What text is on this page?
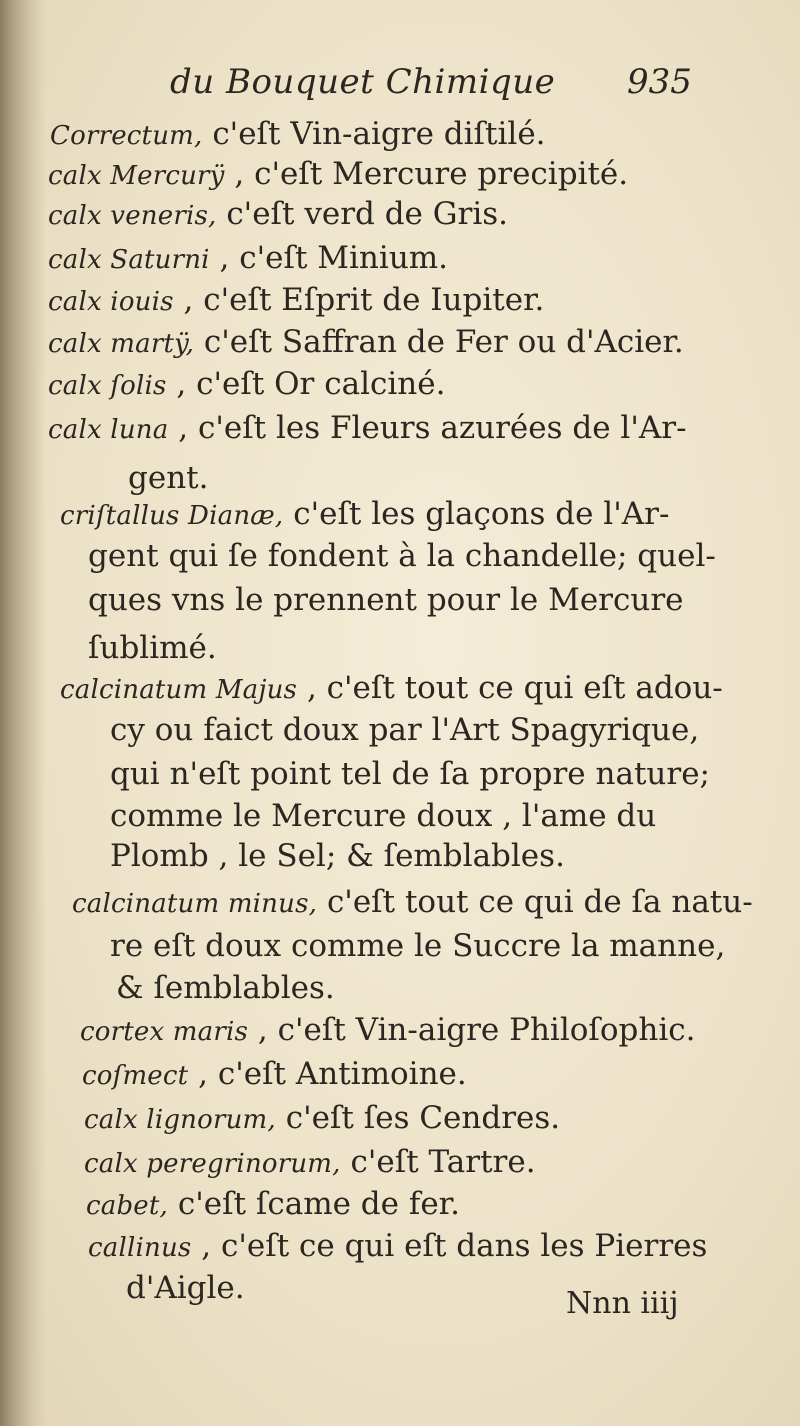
du Bouquet Chimique 935
Correctum, c'eſt Vin-aigre diſtilé.
calx Mercurÿ , c'eſt Mercure precipité.
calx veneris, c'eſt verd de Gris.
calx Saturni , c'eſt Minium.
calx iouis , c'eſt Eſprit de Iupiter.
calx martÿ, c'eſt Saffran de Fer ou d'Acier.
calx ſolis , c'eſt Or calciné.
calx luna , c'eſt les Fleurs azurées de l'Ar-
gent.
criſtallus Dianæ, c'eſt les glaçons de l'Ar-
gent qui ſe fondent à la chandelle; quel-
ques vns le prennent pour le Mercure
ſublimé.
calcinatum Majus , c'eſt tout ce qui eſt adou-
cy ou faict doux par l'Art Spagyrique,
qui n'eſt point tel de ſa propre nature;
comme le Mercure doux , l'ame du
Plomb , le Sel; & ſemblables.
calcinatum minus, c'eſt tout ce qui de ſa natu-
re eſt doux comme le Succre la manne,
& ſemblables.
cortex maris , c'eſt Vin-aigre Philoſophic.
coſmect , c'eſt Antimoine.
calx lignorum, c'eſt ſes Cendres.
calx peregrinorum, c'eſt Tartre.
cabet, c'eſt ſcame de fer.
callinus , c'eſt ce qui eſt dans les Pierres
d'Aigle.	Nnn iiij
